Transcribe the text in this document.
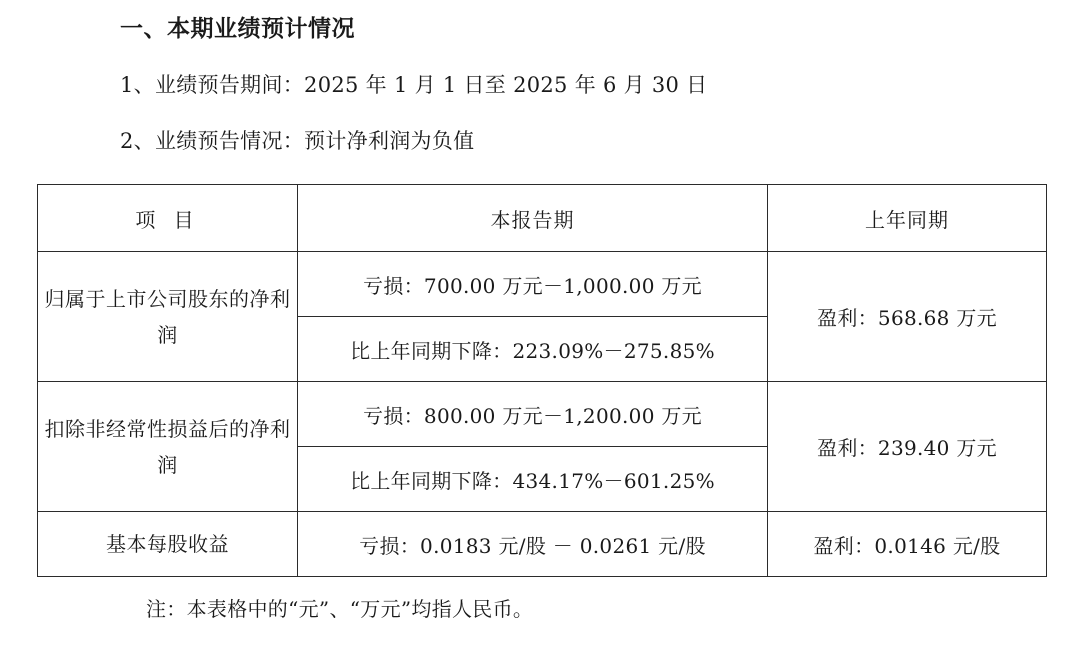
一、本期业绩预计情况
1、业绩预告期间：2025 年 1 月 1 日至 2025 年 6 月 30 日
2、业绩预告情况：预计净利润为负值
项 目	本报告期	上年同期
归属于上市公司股东的净利润	亏损：700.00 万元－1,000.00 万元	盈利：568.68 万元
	比上年同期下降：223.09%－275.85%	
扣除非经常性损益后的净利润	亏损：800.00 万元－1,200.00 万元	盈利：239.40 万元
	比上年同期下降：434.17%－601.25%	
基本每股收益	亏损：0.0183 元/股 － 0.0261 元/股	盈利：0.0146 元/股
注：本表格中的“元”、“万元”均指人民币。
